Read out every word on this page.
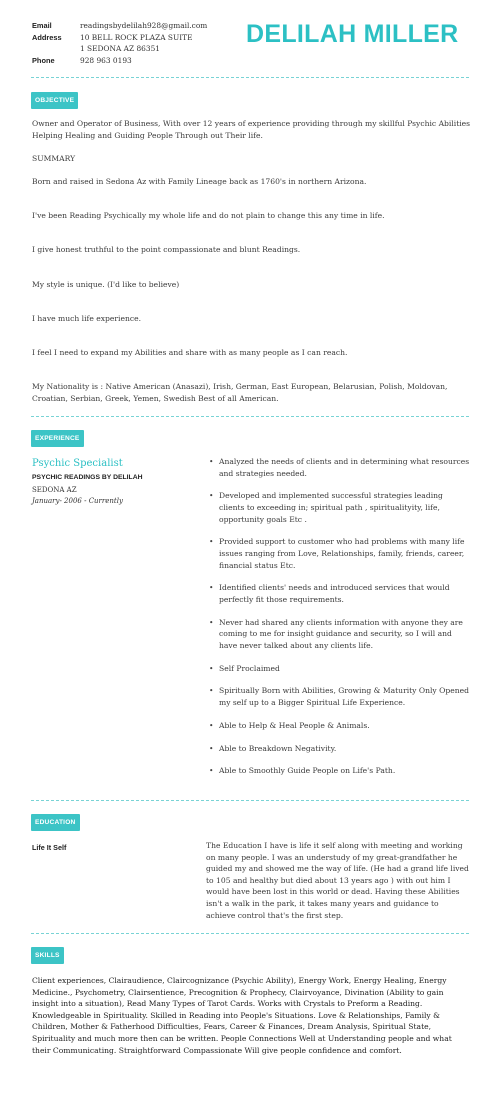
Email	readingsbydelilah928@gmail.com
Address	10 BELL ROCK PLAZA SUITE
1 SEDONA AZ 86351
Phone	928 963 0193
DELILAH MILLER
OBJECTIVE
Owner and Operator of Business, With over 12 years of experience providing through my skillful Psychic Abilities Helping Healing and Guiding People Through out Their life.
SUMMARY
Born and raised in Sedona Az with Family Lineage back as 1760's in northern Arizona.
I've been Reading Psychically my whole life and do not plain to change this any time in life.
I give honest truthful to the point compassionate and blunt Readings.
My style is unique. (I'd like to believe)
I have much life experience.
I feel I need to expand my Abilities and share with as many people as I can reach.
My Nationality is : Native American (Anasazi), Irish, German, East European, Belarusian, Polish, Moldovan, Croatian, Serbian, Greek, Yemen, Swedish Best of all American.
EXPERIENCE
Psychic Specialist
PSYCHIC READINGS BY DELILAH
SEDONA AZ
January- 2006 - Currently
• Analyzed the needs of clients and in determining what resources and strategies needed.
• Developed and implemented successful strategies leading clients to exceeding in; spiritual path , spiritualityity, life, opportunity goals Etc .
• Provided support to customer who had problems with many life issues ranging from Love, Relationships, family, friends, career, financial status Etc.
• Identified clients' needs and introduced services that would perfectly fit those requirements.
• Never had shared any clients information with anyone they are coming to me for insight guidance and security, so I will and have never talked about any clients life.
• Self Proclaimed
• Spiritually Born with Abilities, Growing & Maturity Only Opened my self up to a Bigger Spiritual Life Experience.
• Able to Help & Heal People & Animals.
• Able to Breakdown Negativity.
• Able to Smoothly Guide People on Life's Path.
EDUCATION
Life It Self	The Education I have is life it self along with meeting and working on many people. I was an understudy of my great-grandfather he guided my and showed me the way of life. (He had a grand life lived to 105 and healthy but died about 13 years ago ) with out him I would have been lost in this world or dead. Having these Abilities isn't a walk in the park, it takes many years and guidance to achieve control that's the first step.
SKILLS
Client experiences, Clairaudience, Claircognizance (Psychic Ability), Energy Work, Energy Healing, Energy Medicine., Psychometry, Clairsentience, Precognition & Prophecy, Clairvoyance, Divination (Ability to gain insight into a situation), Read Many Types of Tarot Cards. Works with Crystals to Preform a Reading. Knowledgeable in Spirituality. Skilled in Reading into People's Situations. Love & Relationships, Family & Children, Mother & Fatherhood Difficulties, Fears, Career & Finances, Dream Analysis, Spiritual State, Spirituality and much more then can be written. People Connections Well at Understanding people and what their Communicating. Straightforward Compassionate Will give people confidence and comfort.
